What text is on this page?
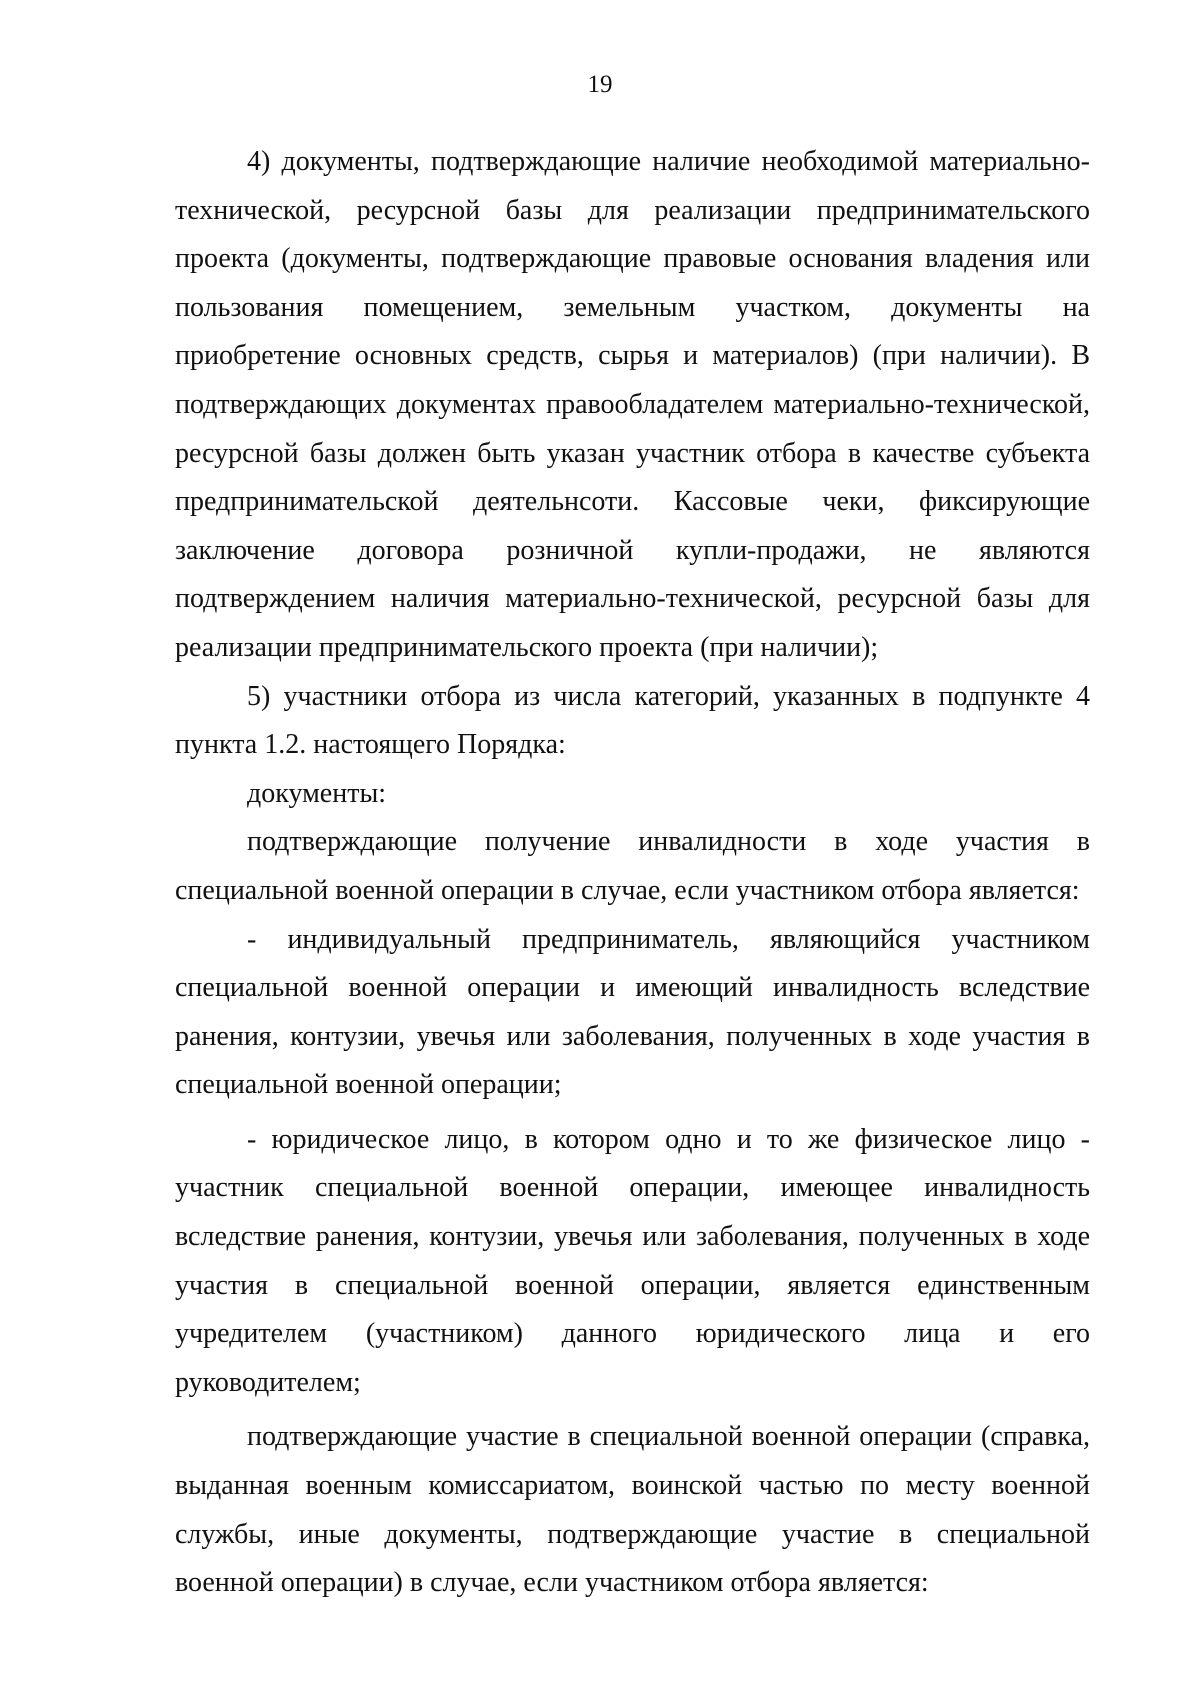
19

4) документы, подтверждающие наличие необходимой материально-технической, ресурсной базы для реализации предпринимательского проекта (документы, подтверждающие правовые основания владения или пользования помещением, земельным участком, документы на приобретение основных средств, сырья и материалов) (при наличии). В подтверждающих документах правообладателем материально-технической, ресурсной базы должен быть указан участник отбора в качестве субъекта предпринимательской деятельнсоти. Кассовые чеки, фиксирующие заключение договора розничной купли-продажи, не являются подтверждением наличия материально-технической, ресурсной базы для реализации предпринимательского проекта (при наличии);

5) участники отбора из числа категорий, указанных в подпункте 4 пункта 1.2. настоящего Порядка:

документы:

подтверждающие получение инвалидности в ходе участия в специальной военной операции в случае, если участником отбора является:

- индивидуальный предприниматель, являющийся участником специальной военной операции и имеющий инвалидность вследствие ранения, контузии, увечья или заболевания, полученных в ходе участия в специальной военной операции;

- юридическое лицо, в котором одно и то же физическое лицо - участник специальной военной операции, имеющее инвалидность вследствие ранения, контузии, увечья или заболевания, полученных в ходе участия в специальной военной операции, является единственным учредителем (участником) данного юридического лица и его руководителем;

подтверждающие участие в специальной военной операции (справка, выданная военным комиссариатом, воинской частью по месту военной службы, иные документы, подтверждающие участие в специальной военной операции) в случае, если участником отбора является:
